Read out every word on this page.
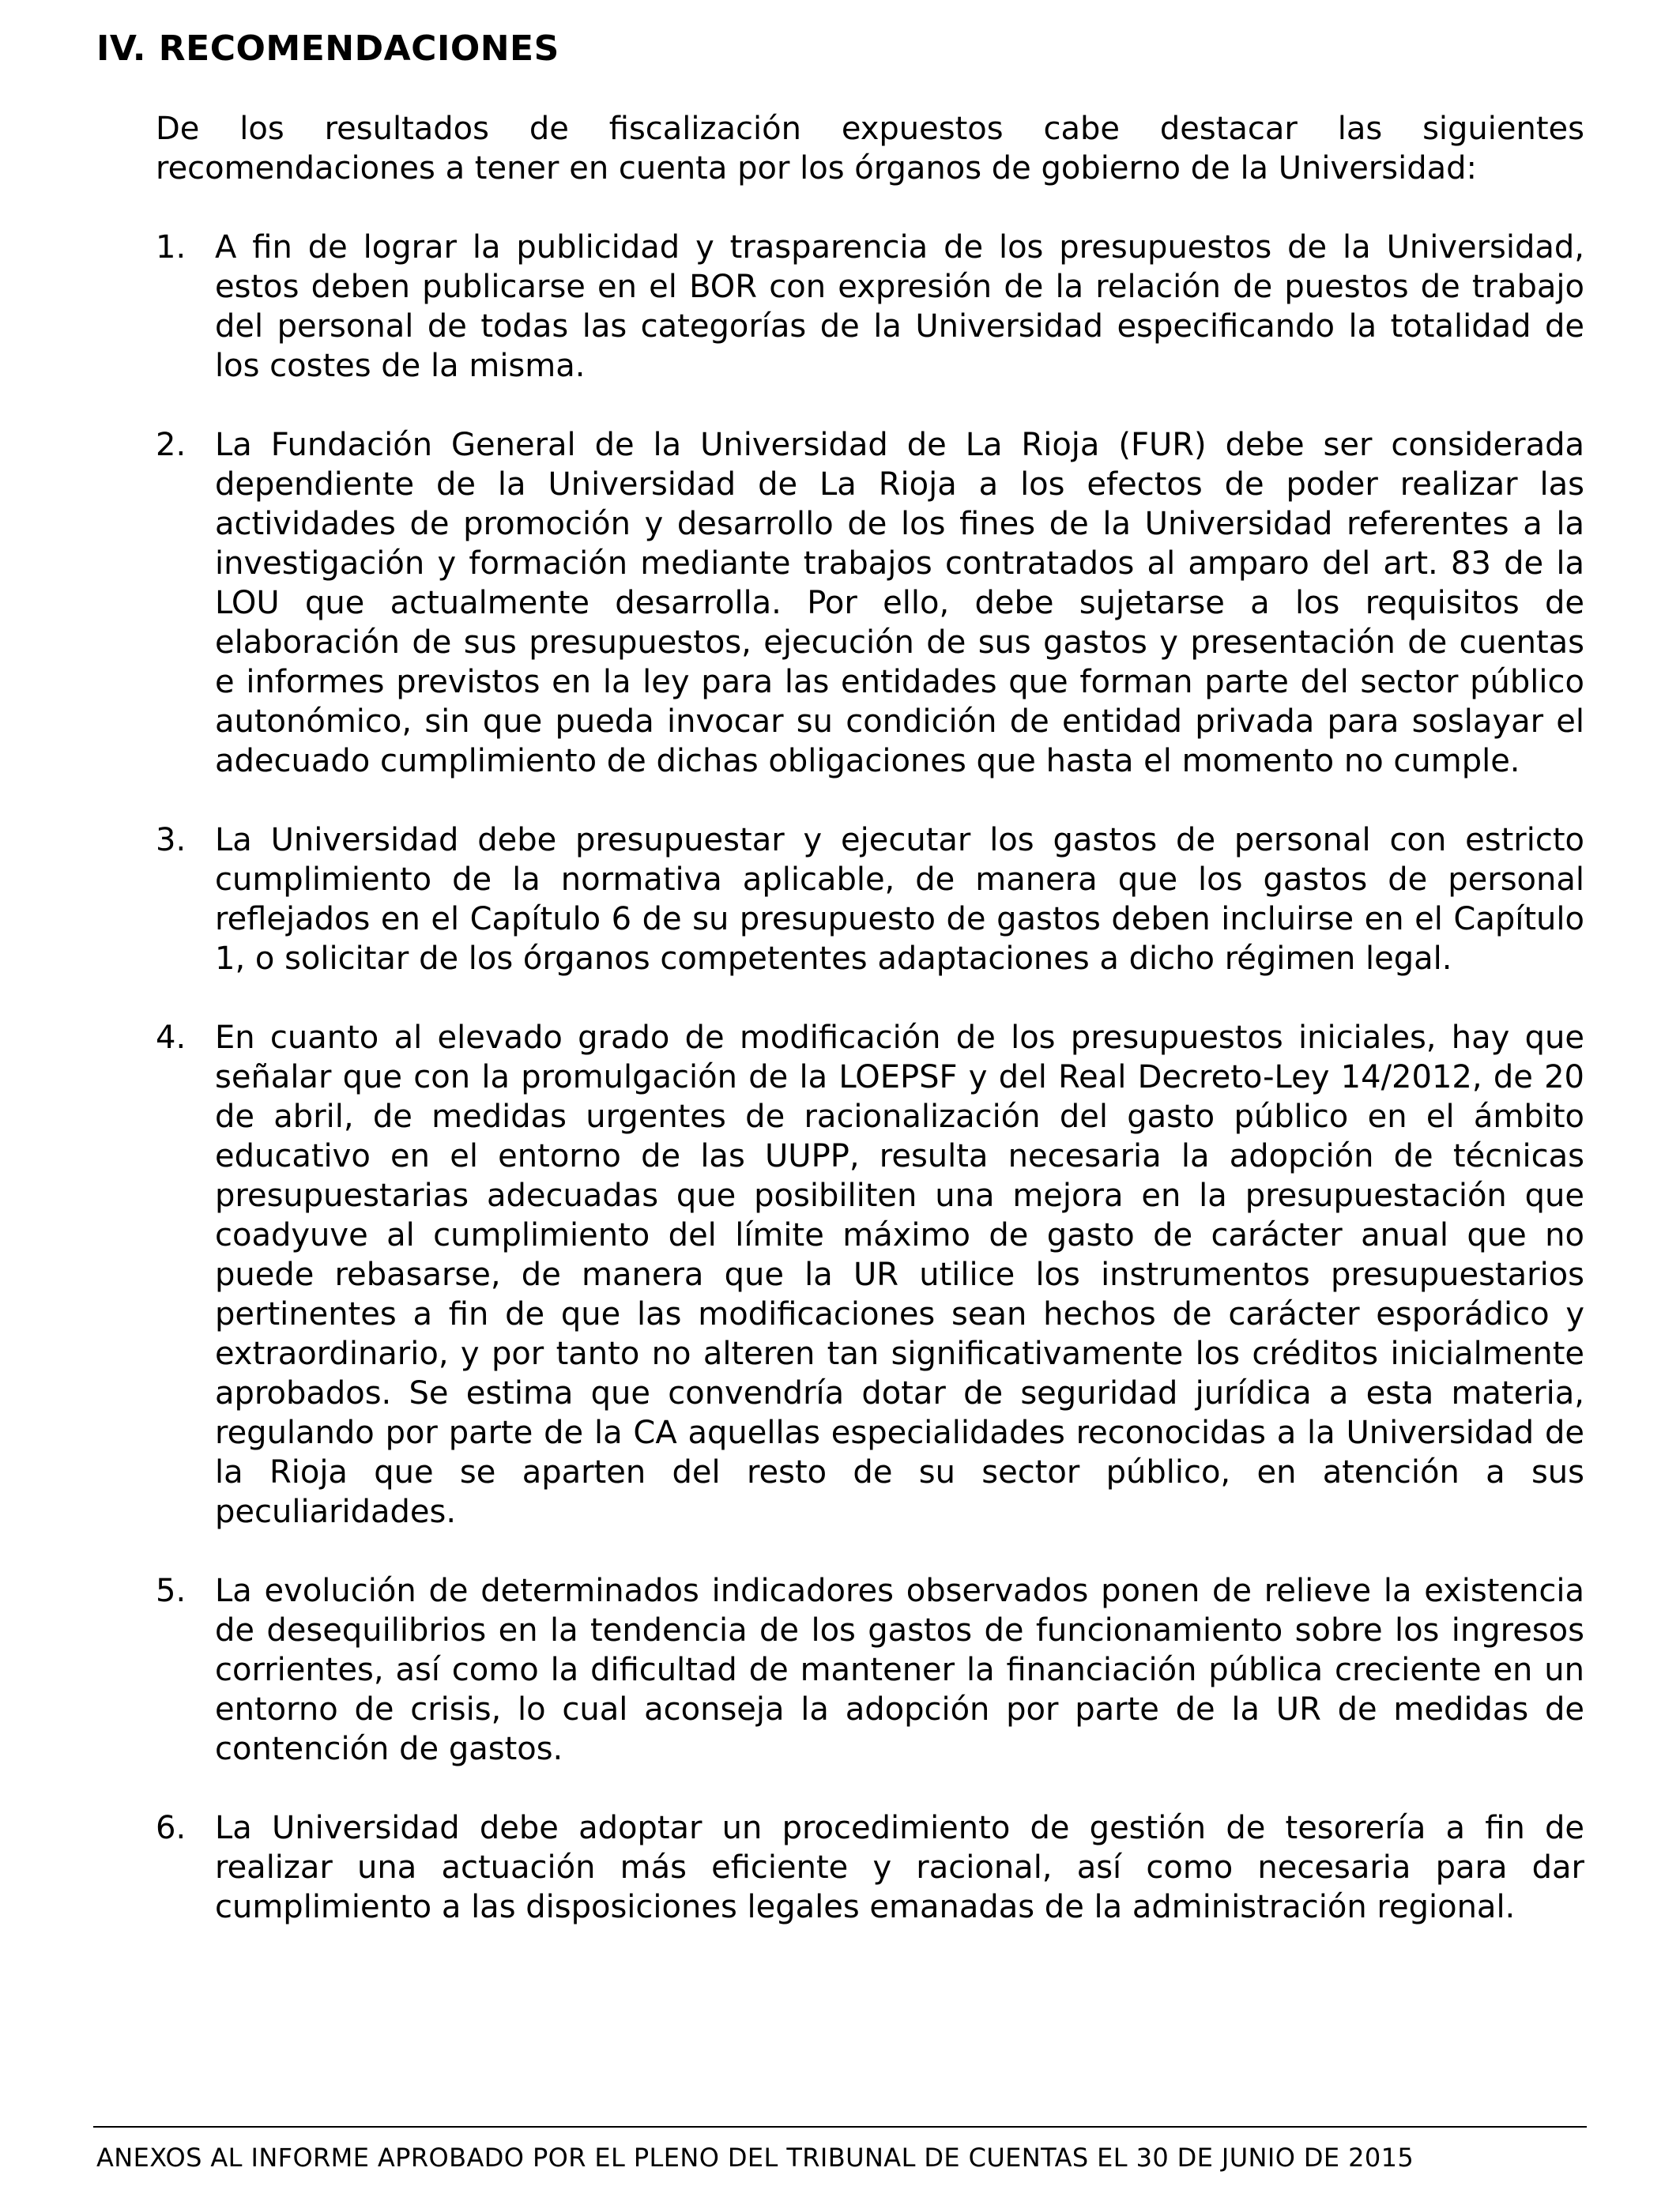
IV. RECOMENDACIONES

De los resultados de fiscalización expuestos cabe destacar las siguientes recomendaciones a tener en cuenta por los órganos de gobierno de la Universidad:

1. A fin de lograr la publicidad y trasparencia de los presupuestos de la Universidad, estos deben publicarse en el BOR con expresión de la relación de puestos de trabajo del personal de todas las categorías de la Universidad especificando la totalidad de los costes de la misma.

2. La Fundación General de la Universidad de La Rioja (FUR) debe ser considerada dependiente de la Universidad de La Rioja a los efectos de poder realizar las actividades de promoción y desarrollo de los fines de la Universidad referentes a la investigación y formación mediante trabajos contratados al amparo del art. 83 de la LOU que actualmente desarrolla. Por ello, debe sujetarse a los requisitos de elaboración de sus presupuestos, ejecución de sus gastos y presentación de cuentas e informes previstos en la ley para las entidades que forman parte del sector público autonómico, sin que pueda invocar su condición de entidad privada para soslayar el adecuado cumplimiento de dichas obligaciones que hasta el momento no cumple.

3. La Universidad debe presupuestar y ejecutar los gastos de personal con estricto cumplimiento de la normativa aplicable, de manera que los gastos de personal reflejados en el Capítulo 6 de su presupuesto de gastos deben incluirse en el Capítulo 1, o solicitar de los órganos competentes adaptaciones a dicho régimen legal.

4. En cuanto al elevado grado de modificación de los presupuestos iniciales, hay que señalar que con la promulgación de la LOEPSF y del Real Decreto-Ley 14/2012, de 20 de abril, de medidas urgentes de racionalización del gasto público en el ámbito educativo en el entorno de las UUPP, resulta necesaria la adopción de técnicas presupuestarias adecuadas que posibiliten una mejora en la presupuestación que coadyuve al cumplimiento del límite máximo de gasto de carácter anual que no puede rebasarse, de manera que la UR utilice los instrumentos presupuestarios pertinentes a fin de que las modificaciones sean hechos de carácter esporádico y extraordinario, y por tanto no alteren tan significativamente los créditos inicialmente aprobados. Se estima que convendría dotar de seguridad jurídica a esta materia, regulando por parte de la CA aquellas especialidades reconocidas a la Universidad de la Rioja que se aparten del resto de su sector público, en atención a sus peculiaridades.

5. La evolución de determinados indicadores observados ponen de relieve la existencia de desequilibrios en la tendencia de los gastos de funcionamiento sobre los ingresos corrientes, así como la dificultad de mantener la financiación pública creciente en un entorno de crisis, lo cual aconseja la adopción por parte de la UR de medidas de contención de gastos.

6. La Universidad debe adoptar un procedimiento de gestión de tesorería a fin de realizar una actuación más eficiente y racional, así como necesaria para dar cumplimiento a las disposiciones legales emanadas de la administración regional.

ANEXOS AL INFORME APROBADO POR EL PLENO DEL TRIBUNAL DE CUENTAS EL 30 DE JUNIO DE 2015
